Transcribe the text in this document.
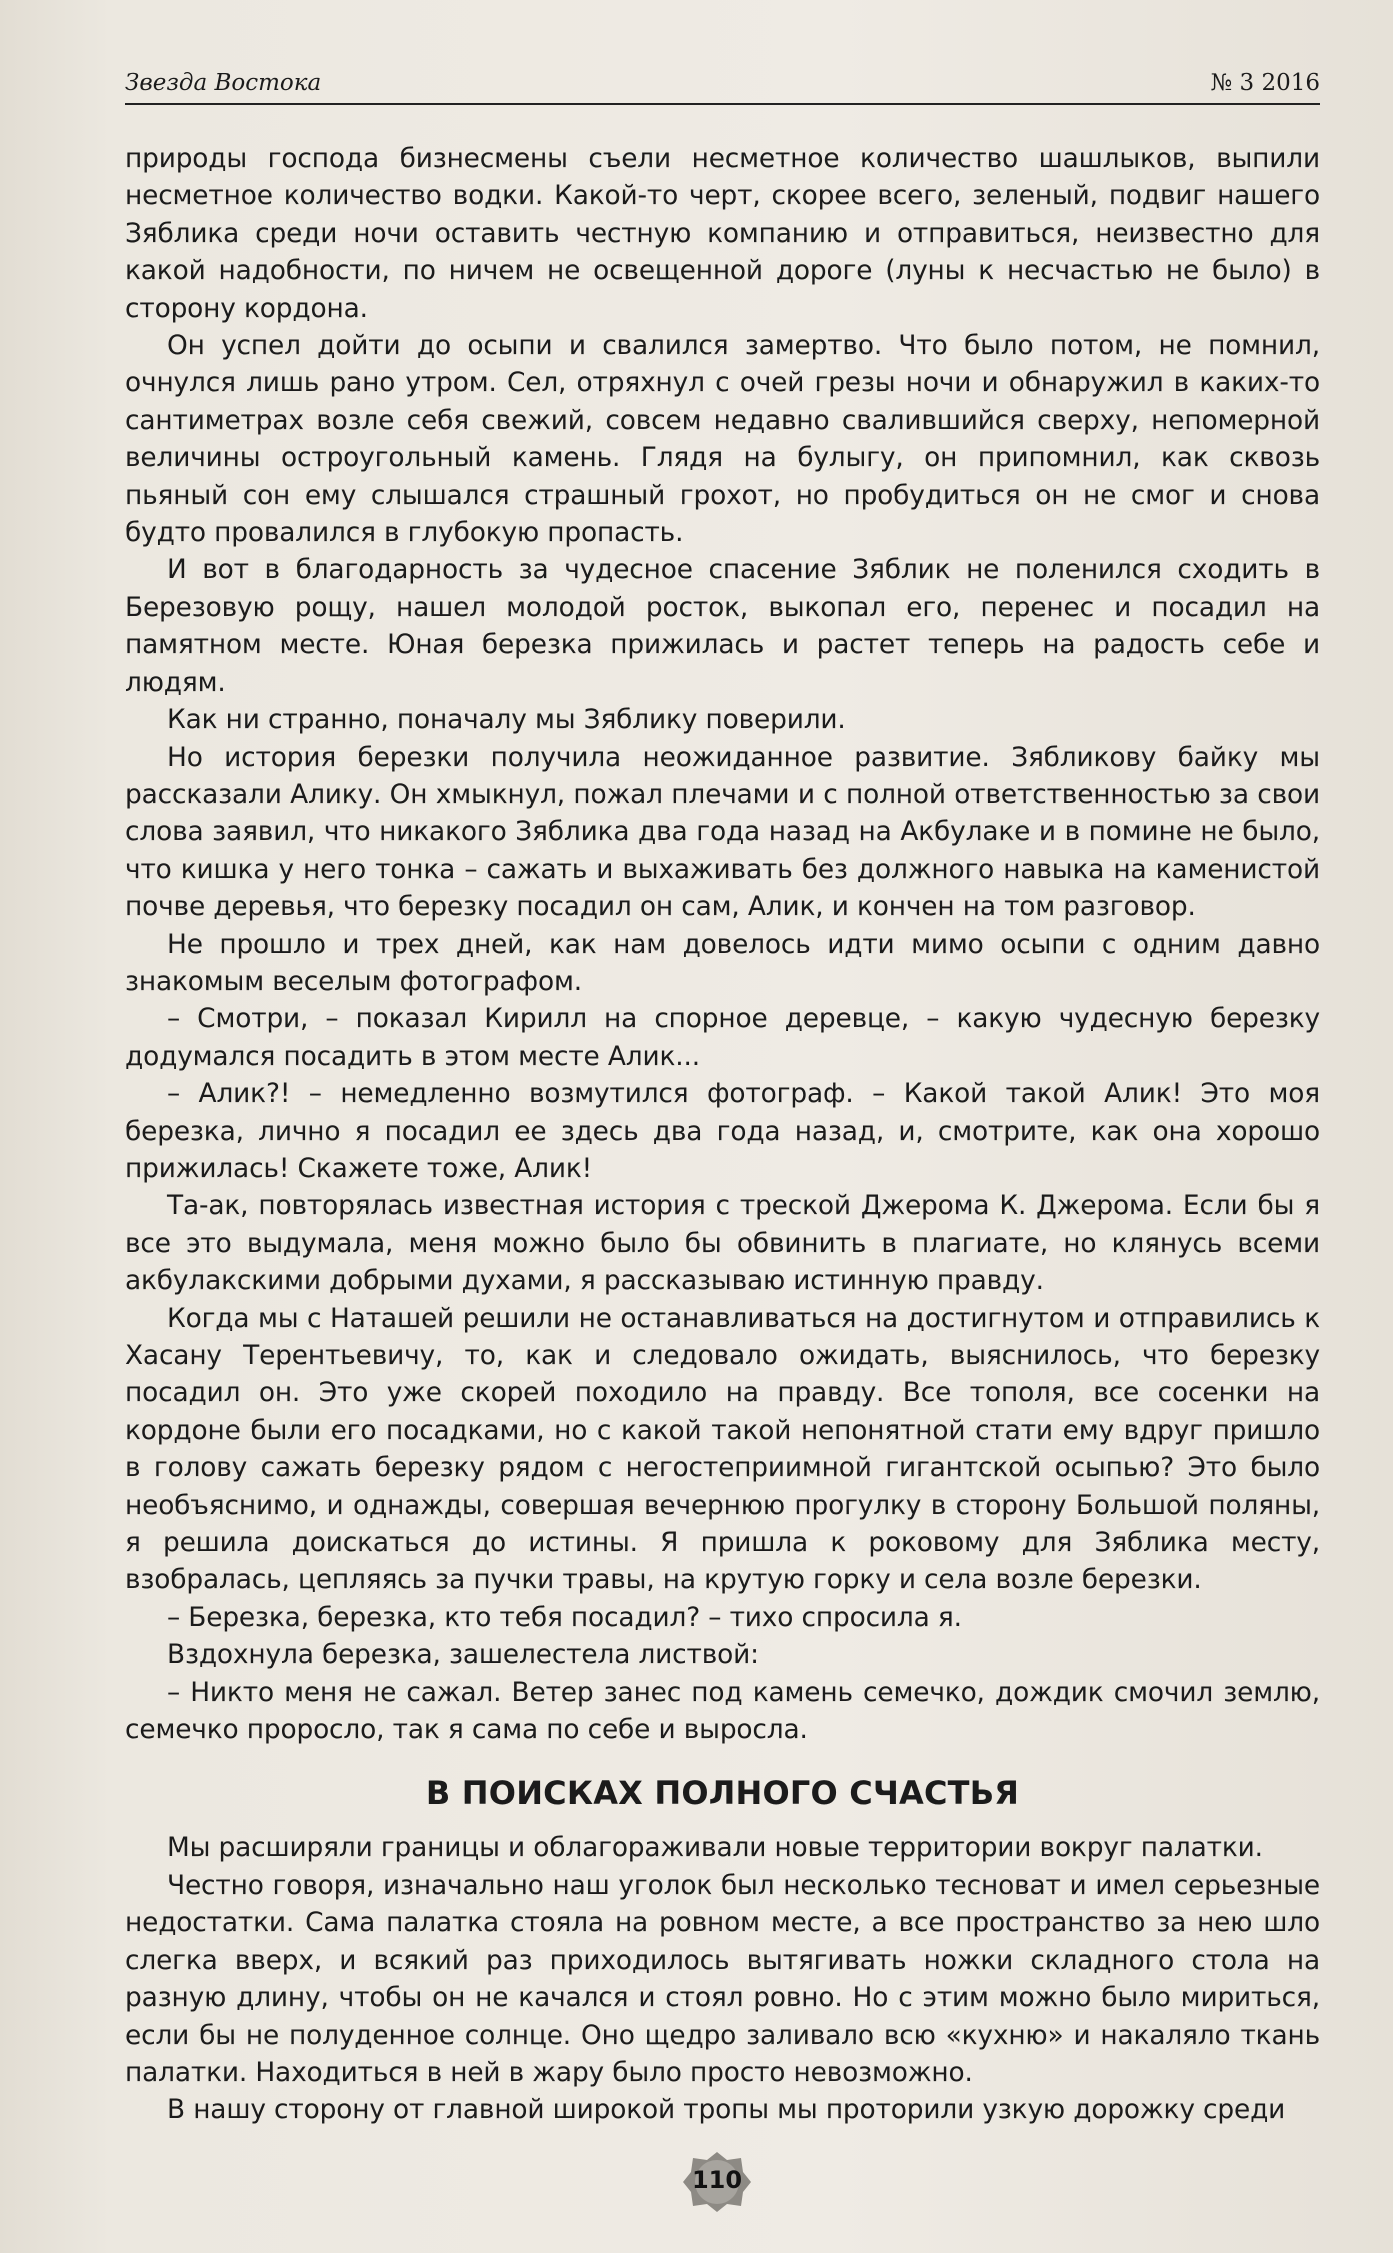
Звезда Востока	№ 3 2016

природы господа бизнесмены съели несметное количество шашлыков, выпили несметное количество водки. Какой-то черт, скорее всего, зеленый, подвиг нашего Зяблика среди ночи оставить честную компанию и отправиться, неизвестно для какой надобности, по ничем не освещенной дороге (луны к несчастью не было) в сторону кордона.

Он успел дойти до осыпи и свалился замертво. Что было потом, не помнил, очнулся лишь рано утром. Сел, отряхнул с очей грезы ночи и обнаружил в каких-то сантиметрах возле себя свежий, совсем недавно свалившийся сверху, непомерной величины остроугольный камень. Глядя на булыгу, он припомнил, как сквозь пьяный сон ему слышался страшный грохот, но пробудиться он не смог и снова будто провалился в глубокую пропасть.

И вот в благодарность за чудесное спасение Зяблик не поленился сходить в Березовую рощу, нашел молодой росток, выкопал его, перенес и посадил на памятном месте. Юная березка прижилась и растет теперь на радость себе и людям.

Как ни странно, поначалу мы Зяблику поверили.

Но история березки получила неожиданное развитие. Зябликову байку мы рассказали Алику. Он хмыкнул, пожал плечами и с полной ответственностью за свои слова заявил, что никакого Зяблика два года назад на Акбулаке и в помине не было, что кишка у него тонка – сажать и выхаживать без должного навыка на каменистой почве деревья, что березку посадил он сам, Алик, и кончен на том разговор.

Не прошло и трех дней, как нам довелось идти мимо осыпи с одним давно знакомым веселым фотографом.

– Смотри, – показал Кирилл на спорное деревце, – какую чудесную березку додумался посадить в этом месте Алик...

– Алик?! – немедленно возмутился фотограф. – Какой такой Алик! Это моя березка, лично я посадил ее здесь два года назад, и, смотрите, как она хорошо прижилась! Скажете тоже, Алик!

Та-ак, повторялась известная история с треской Джерома К. Джерома. Если бы я все это выдумала, меня можно было бы обвинить в плагиате, но клянусь всеми акбулакскими добрыми духами, я рассказываю истинную правду.

Когда мы с Наташей решили не останавливаться на достигнутом и отправились к Хасану Терентьевичу, то, как и следовало ожидать, выяснилось, что березку посадил он. Это уже скорей походило на правду. Все тополя, все сосенки на кордоне были его посадками, но с какой такой непонятной стати ему вдруг пришло в голову сажать березку рядом с негостеприимной гигантской осыпью? Это было необъяснимо, и однажды, совершая вечернюю прогулку в сторону Большой поляны, я решила доискаться до истины. Я пришла к роковому для Зяблика месту, взобралась, цепляясь за пучки травы, на крутую горку и села возле березки.

– Березка, березка, кто тебя посадил? – тихо спросила я.

Вздохнула березка, зашелестела листвой:

– Никто меня не сажал. Ветер занес под камень семечко, дождик смочил землю, семечко проросло, так я сама по себе и выросла.

В ПОИСКАХ ПОЛНОГО СЧАСТЬЯ

Мы расширяли границы и облагораживали новые территории вокруг палатки.

Честно говоря, изначально наш уголок был несколько тесноват и имел серьезные недостатки. Сама палатка стояла на ровном месте, а все пространство за нею шло слегка вверх, и всякий раз приходилось вытягивать ножки складного стола на разную длину, чтобы он не качался и стоял ровно. Но с этим можно было мириться, если бы не полуденное солнце. Оно щедро заливало всю «кухню» и накаляло ткань палатки. Находиться в ней в жару было просто невозможно.

В нашу сторону от главной широкой тропы мы проторили узкую дорожку среди

110
